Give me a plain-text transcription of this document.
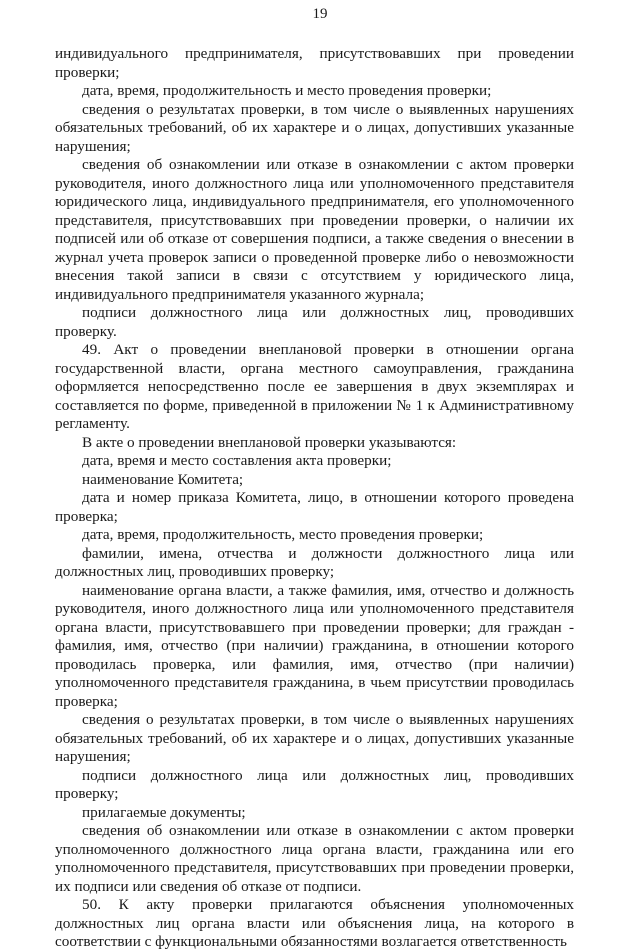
19

индивидуального предпринимателя, присутствовавших при проведении проверки;

дата, время, продолжительность и место проведения проверки;

сведения о результатах проверки, в том числе о выявленных нарушениях обязательных требований, об их характере и о лицах, допустивших указанные нарушения;

сведения об ознакомлении или отказе в ознакомлении с актом проверки руководителя, иного должностного лица или уполномоченного представителя юридического лица, индивидуального предпринимателя, его уполномоченного представителя, присутствовавших при проведении проверки, о наличии их подписей или об отказе от совершения подписи, а также сведения о внесении в журнал учета проверок записи о проведенной проверке либо о невозможности внесения такой записи в связи с отсутствием у юридического лица, индивидуального предпринимателя указанного журнала;

подписи должностного лица или должностных лиц, проводивших проверку.

49. Акт о проведении внеплановой проверки в отношении органа государственной власти, органа местного самоуправления, гражданина оформляется непосредственно после ее завершения в двух экземплярах и составляется по форме, приведенной в приложении № 1 к Административному регламенту.

В акте о проведении внеплановой проверки указываются:

дата, время и место составления акта проверки;

наименование Комитета;

дата и номер приказа Комитета, лицо, в отношении которого проведена проверка;

дата, время, продолжительность, место проведения проверки;

фамилии, имена, отчества и должности должностного лица или должностных лиц, проводивших проверку;

наименование органа власти, а также фамилия, имя, отчество и должность руководителя, иного должностного лица или уполномоченного представителя органа власти, присутствовавшего при проведении проверки; для граждан - фамилия, имя, отчество (при наличии) гражданина, в отношении которого проводилась проверка, или фамилия, имя, отчество (при наличии) уполномоченного представителя гражданина, в чьем присутствии проводилась проверка;

сведения о результатах проверки, в том числе о выявленных нарушениях обязательных требований, об их характере и о лицах, допустивших указанные нарушения;

подписи должностного лица или должностных лиц, проводивших проверку;

прилагаемые документы;

сведения об ознакомлении или отказе в ознакомлении с актом проверки уполномоченного должностного лица органа власти, гражданина или его уполномоченного представителя, присутствовавших при проведении проверки, их подписи или сведения об отказе от подписи.

50. К акту проверки прилагаются объяснения уполномоченных должностных лиц органа власти или объяснения лица, на которого в соответствии с функциональными обязанностями возлагается ответственность
